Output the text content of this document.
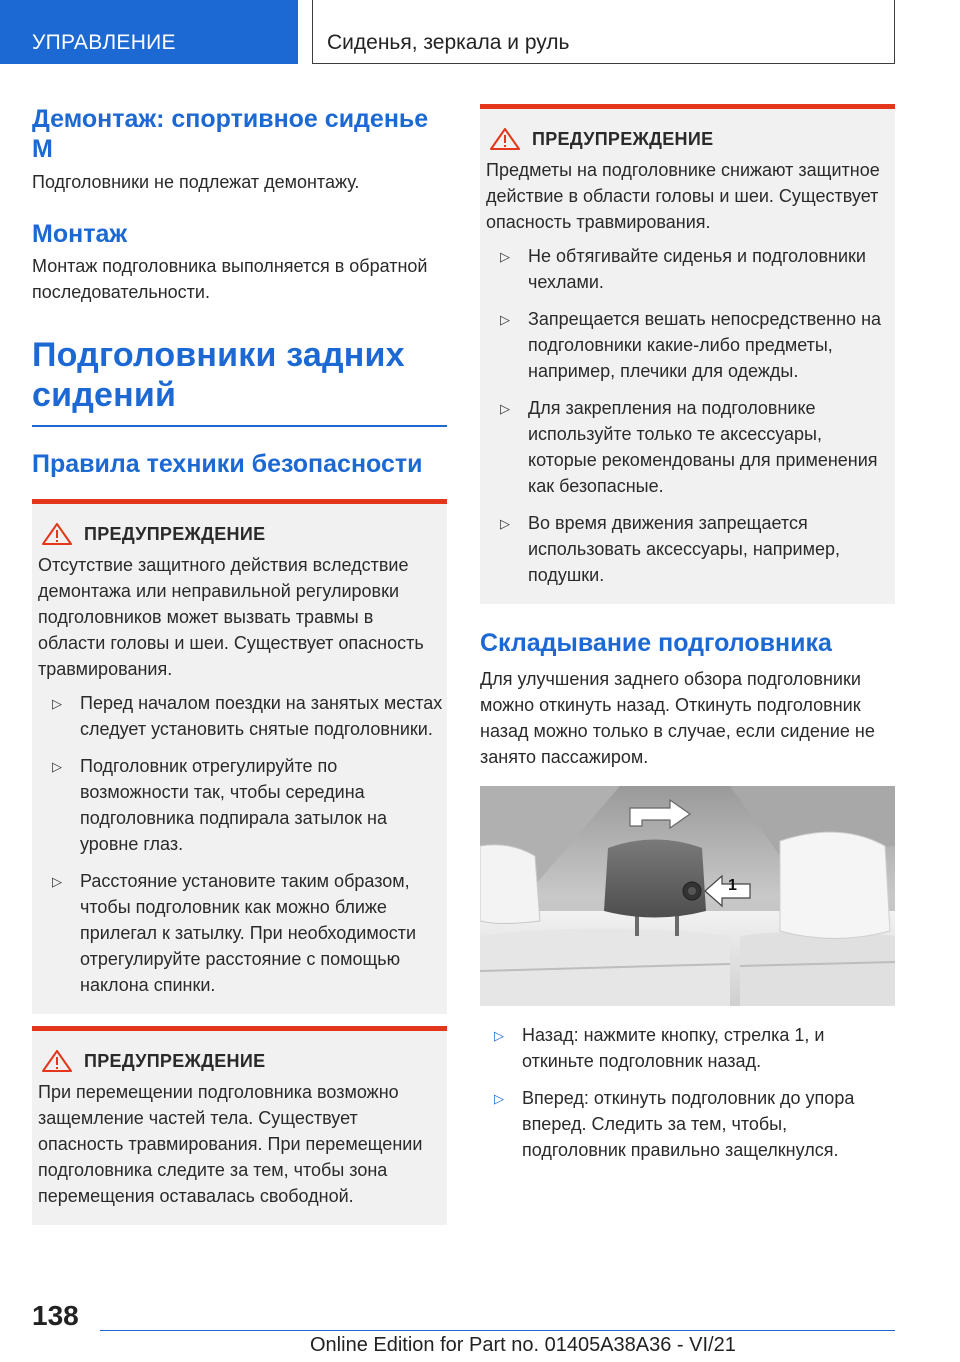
УПРАВЛЕНИЕ	Сиденья, зеркала и руль
Демонтаж: спортивное сиденье М

Подголовники не подлежат демонтажу.

Монтаж

Монтаж подголовника выполняется в обратной последовательности.

Подголовники задних сидений
Правила техники безопасности
ПРЕДУПРЕЖДЕНИЕ

Отсутствие защитного действия вследствие демонтажа или неправильной регулировки подголовников может вызвать травмы в области головы и шеи. Существует опасность травмирования.

▷ Перед началом поездки на занятых местах следует установить снятые подголовники.
▷ Подголовник отрегулируйте по возможности так, чтобы середина подголовника подпирала затылок на уровне глаз.
▷ Расстояние установите таким образом, чтобы подголовник как можно ближе прилегал к затылку. При необходимости отрегулируйте расстояние с помощью наклона спинки.
ПРЕДУПРЕЖДЕНИЕ

При перемещении подголовника возможно защемление частей тела. Существует опасность травмирования. При перемещении подголовника следите за тем, чтобы зона перемещения оставалась свободной.

ПРЕДУПРЕЖДЕНИЕ

Предметы на подголовнике снижают защитное действие в области головы и шеи. Существует опасность травмирования.

▷ Не обтягивайте сиденья и подголовники чехлами.
▷ Запрещается вешать непосредственно на подголовники какие-либо предметы, например, плечики для одежды.
▷ Для закрепления на подголовнике используйте только те аксессуары, которые рекомендованы для применения как безопасные.
▷ Во время движения запрещается использовать аксессуары, например, подушки.
Складывание подголовника

Для улучшения заднего обзора подголовники можно откинуть назад. Откинуть подголовник назад можно только в случае, если сидение не занято пассажиром.

1
▷ Назад: нажмите кнопку, стрелка 1, и откиньте подголовник назад.
▷ Вперед: откинуть подголовник до упора вперед. Следить за тем, чтобы, подголовник правильно защелкнулся.
138
Online Edition for Part no. 01405A38A36 - VI/21
